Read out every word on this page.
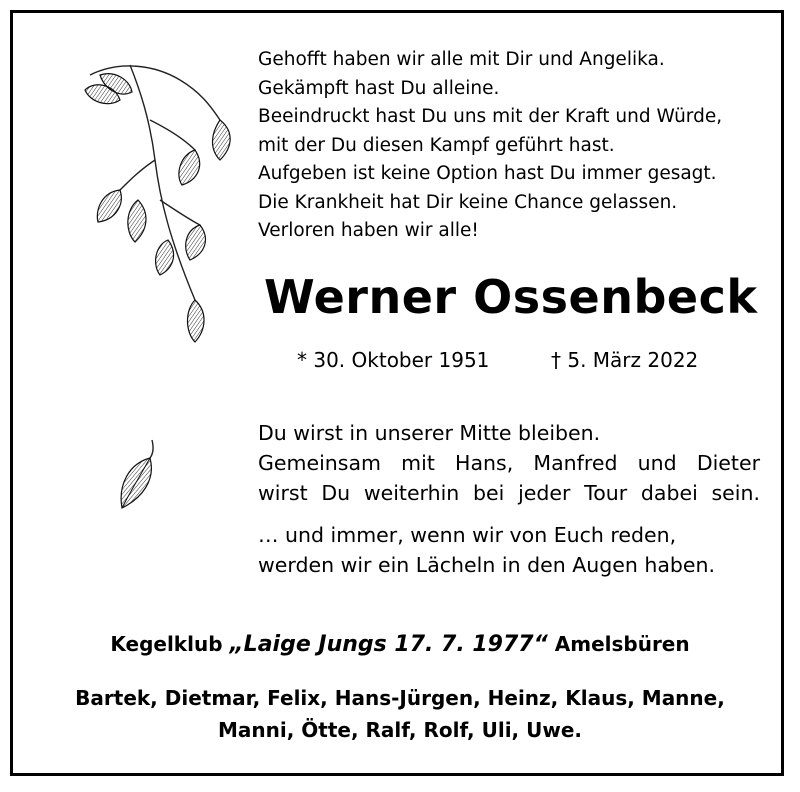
Gehofft haben wir alle mit Dir und Angelika.
Gekämpft hast Du alleine.
Beeindruckt hast Du uns mit der Kraft und Würde,
mit der Du diesen Kampf geführt hast.
Aufgeben ist keine Option hast Du immer gesagt.
Die Krankheit hat Dir keine Chance gelassen.
Verloren haben wir alle!
Werner Ossenbeck
* 30. Oktober 1951	† 5. März 2022
Du wirst in unserer Mitte bleiben.
Gemeinsam mit Hans, Manfred und Dieter
wirst Du weiterhin bei jeder Tour dabei sein.
… und immer, wenn wir von Euch reden,
werden wir ein Lächeln in den Augen haben.
Kegelklub „Laige Jungs 17. 7. 1977“ Amelsbüren
Bartek, Dietmar, Felix, Hans-Jürgen, Heinz, Klaus, Manne,
Manni, Ötte, Ralf, Rolf, Uli, Uwe.
